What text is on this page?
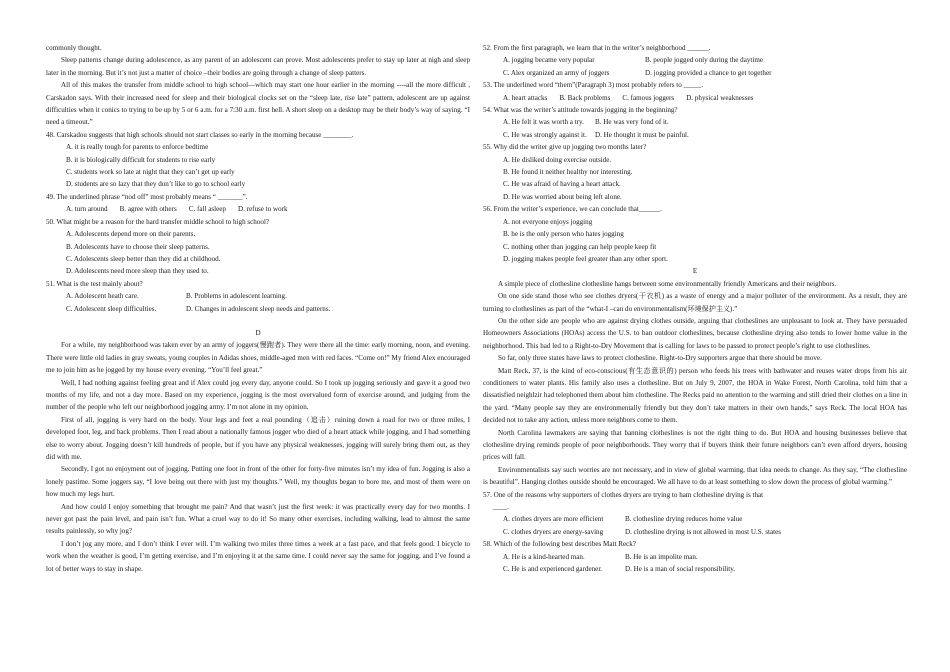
commonly thought.
Sleep patterns change during adolescence, as any parent of an adolescent can prove. Most adolescents prefer to stay up later at nigh and sleep later in the morning. But it’s not just a matter of choice –their bodies are going through a change of sleep patters.
All of this makes the transfer from middle school to high school—which may start one hour earlier in the morning ----all the more difficult , Carskadon says. With their increased need for sleep and their biological clocks set on the “sleep late, rise late” pattern, adolescent are up against difficulties when it conics to trying to be up by 5 or 6 a.m. for a 7:30 a.m. first hell. A short sleep on a desktop may be their body’s way of saying. “I need a timeout.”
48. Carskadou suggests that high schools should not start classes so early in the morning because ________.
A. it is really tough for parents to enforce bedtime
B. it is biologically difficult for students to rise early
C. students work so late at night that they can’t get up early
D. students are so lazy that they don’t like to go to school early
49. The underlined phrase “nod off” most probably means “ _______”.
A. turn around B. agree with others C. fall asleep D. refuse to work
50. What might be a reason for the hard transfer middle school to high school?
A. Adolescents depend more on their parents.
B. Adolescents have to choose their sleep patterns.
C. Adolescents sleep better than they did at childhood.
D. Adolescents need more sleep than they used to.
51. What is the test mainly about?
A. Adolescent heath care.	B. Problems in adolescent learning.
C. Adolescent sleep difficulties.	D. Changes in adolescent sleep needs and patterns.
D
For a while, my neighborhood was taken ever by an army of joggers(慢跑者). They were there all the time: early morning, noon, and evening. There were little old ladies in gray sweats, young couples in Adidas shoes, middle-aged men with red faces. “Come on!” My friend Alex encouraged me to join him as he jogged by my house every evening. “You’ll feel great.”
Well, I had nothing against feeling great and if Alex could jog every day, anyone could. So I took up jogging seriously and gave it a good two months of my life, and not a day more. Based on my experience, jogging is the most overvalued form of exercise around, and judging from the number of the people who left our neighborhood jogging army. I’m not alone in my opinion.
First of all, jogging is very hard on the body. Your legs and feet a real pounding（追击）ruining down a road for two or three miles, I developed foot, leg, and back problems. Then I read about a nationally famous jogger who died of a heart attack while jogging, and I had something else to worry about. Jogging doesn’t kill hundreds of people, but if you have any physical weaknesses, jogging will surely bring them out, as they did with me.
Secondly, I got no enjoyment out of jogging. Putting one foot in front of the other for forty-five minutes isn’t my idea of fun. Jogging is also a lonely pastime. Some joggers say, “I love being out there with just my thoughts.” Well, my thoughts began to bore me, and most of them were on how much my legs hurt.
And how could I enjoy something that brought me pain? And that wasn’t just the first week: it was practically every day for two months. I never got past the pain level, and pain isn’t fun. What a cruel way to do it! So many other exercises, including walking, lead to almost the same results painlessly, so why jog?
I don’t jog any more, and I don’t think I ever will. I’m walking two miles three times a week at a fast pace, and that feels good. I bicycle to work when the weather is good, I’m getting exercise, and I’m enjoying it at the same time. I could never say the same for jogging, and I’ve found a lot of better ways to stay in shape.
52. From the first paragraph, we learn that in the writer’s neighborhood ______.
A. jogging became very popular	B. people jogged only during the daytime
C. Alex organized an army of joggers	D. jogging provided a chance to get together
53. The underlined word “them”(Paragraph 3) most probably refers to _____.
A. heart attacks B. Back problems C. famous joggers D. physical weaknesses
54. What was the writer’s attitude towards jogging in the beginning?
A. He felt it was worth a try.	B. He was very fond of it.
C. He was strongly against it.	D. He thought it must be painful.
55. Why did the writer give up jogging two months later?
A. He disliked doing exercise outside.
B. He found it neither healthy nor interesting.
C. He was afraid of having a heart attack.
D. He was worried about being left alone.
56. From the writer’s experience, we can conclude that______.
A. not everyone enjoys jogging
B. he is the only person who hates jogging
C. nothing other than jogging can help people keep fit
D. jogging makes people feel greater than any other sport.
E
A simple piece of clothesline clothesline hangs between some environmentally friendly Americans and their neighbors.
On one side stand those who see clothes dryers(干衣机) as a waste of energy and a major polluter of the environment. As a result, they are turning to clotheslines as part of the “what-I –can do environmentalism(环境保护主义).”
On the other side are people who are against drying clothes outside, arguing that clotheslines are unpleasant to look at. They have persuaded Homeowners Associations (HOAs) access the U.S. to ban outdoor clotheslines, because clothesline drying also tends to lower home value in the neighborhood. This had led to a Right-to-Dry Movement that is calling for laws to be passed to protect people’s right to use clotheslines.
So far, only three states have laws to protect clothesline. Right-to-Dry supporters argue that there should be move.
Matt Reck, 37, is the kind of eco-conscious(有生态意识的) person who feeds his trees with bathwater and reuses water drops from his air conditioners to water plants. His family also uses a clothesline. But on July 9, 2007, the HOA in Wake Forest, North Carolina, told him that a dissatisfied neighlzir had telephoned them about him clothesline. The Recks paid no attention to the warming and still dried their clothes on a line in the yard. “Many people say they are environmentally friendly but they don’t take matters in their own hands,” says Reck. The local HOA has decided not to take any action, unless more neighbors come to them.
North Carolina lawmakers are saying that banning clotheslines is not the right thing to do. But HOA and housing businesses believe that clothesline drying reminds people of poor neighborhoods. They worry that if buyers think their future neighbors can’t even afford dryers, housing prices will fall.
Environmentalists say such worries are not necessary, and in view of global warming, that idea needs to change. As they say, “The clothesline is beautiful”. Hanging clothes outside should be encouraged. We all have to do at least something to slow down the process of global warming.”
57. One of the reasons why supporters of clothes dryers are trying to ham clothesline drying is that
____.
A. clothes dryers are more efficient	B. clothesline drying reduces home value
C. clothes dryers are energy-saving	D. clothesline drying is not allowed in most U.S. states
58. Which of the following best describes Matt Reck?
A. He is a kind-hearted man.	B. He is an impolite man.
C. He is and experienced gardener.	D. He is a man of social responsibility.
